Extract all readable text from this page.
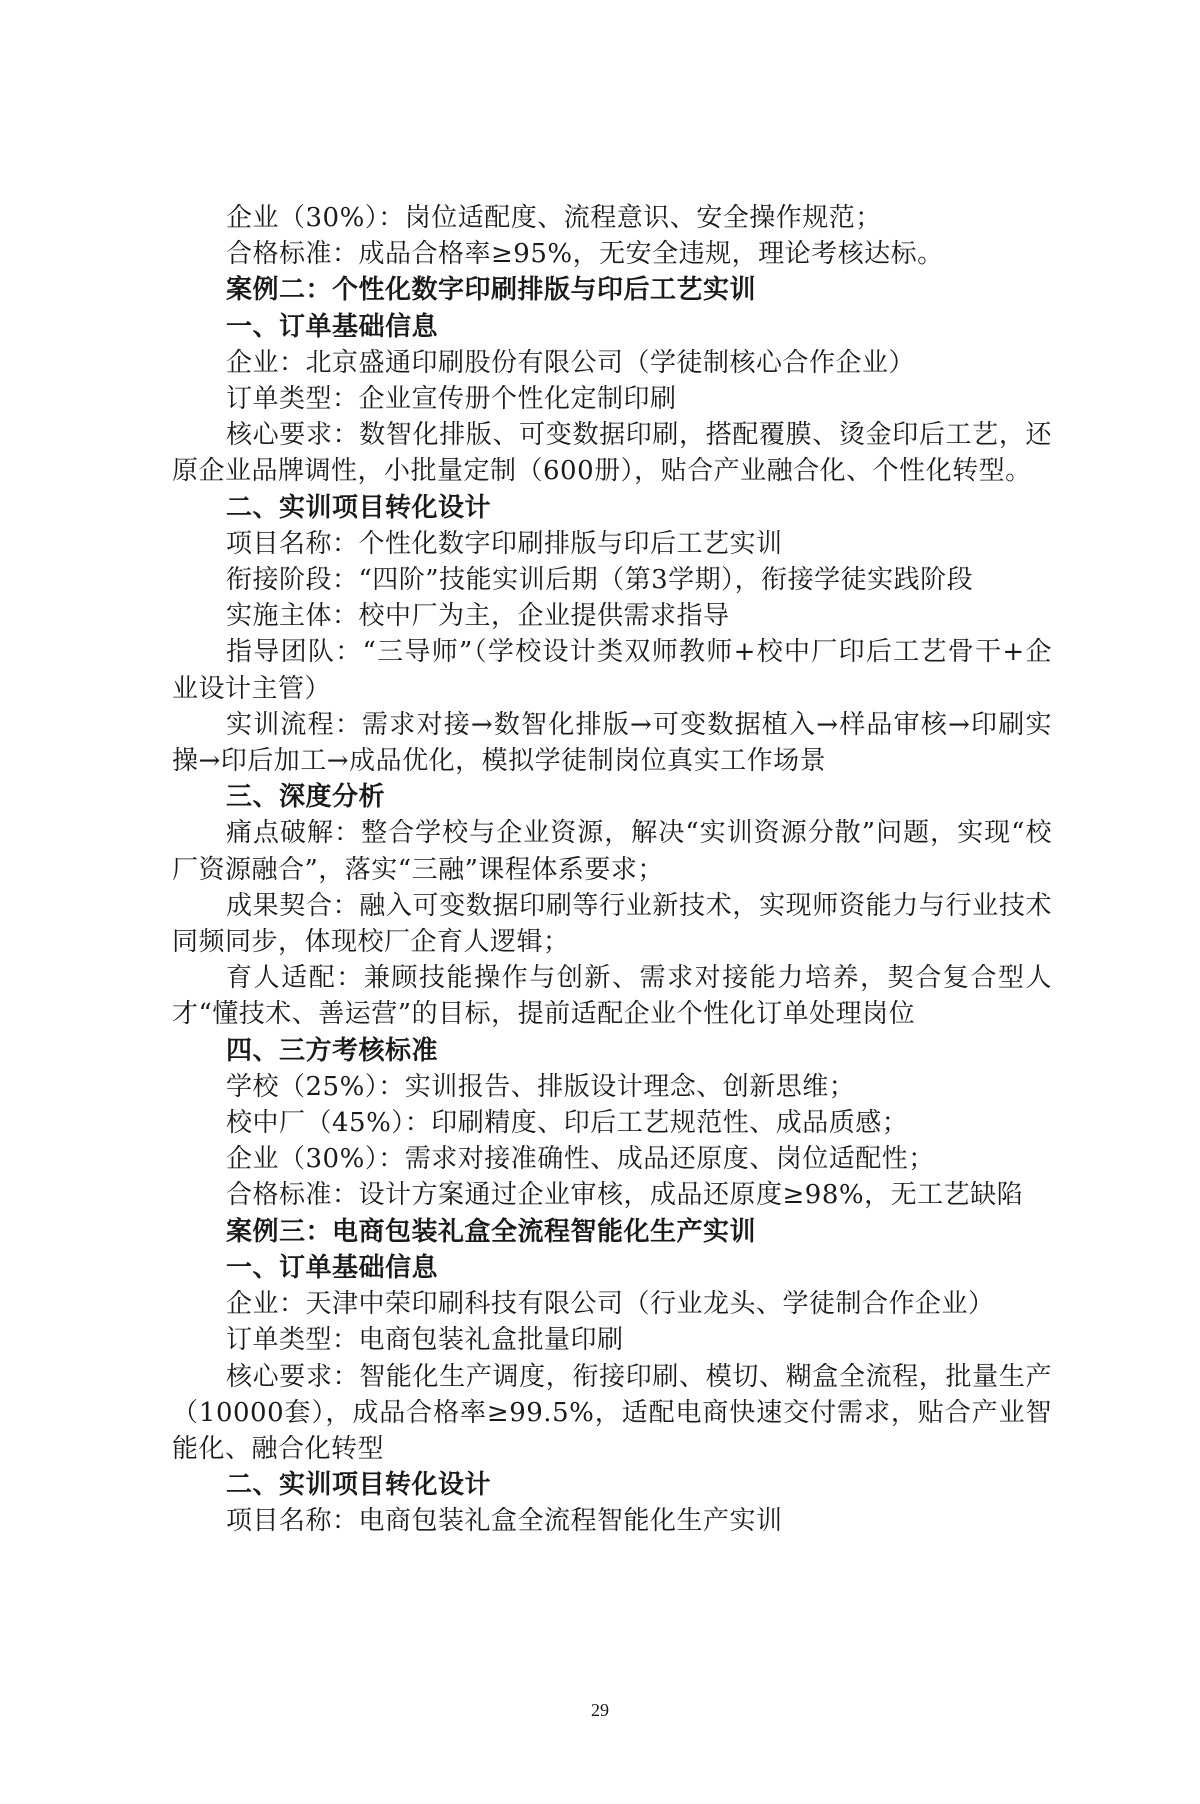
企业（30%）：岗位适配度、流程意识、安全操作规范；

合格标准：成品合格率≥95%，无安全违规，理论考核达标。

案例二：个性化数字印刷排版与印后工艺实训

一、订单基础信息

企业：北京盛通印刷股份有限公司（学徒制核心合作企业）

订单类型：企业宣传册个性化定制印刷

核心要求：数智化排版、可变数据印刷，搭配覆膜、烫金印后工艺，还原企业品牌调性，小批量定制（600册），贴合产业融合化、个性化转型。

二、实训项目转化设计

项目名称：个性化数字印刷排版与印后工艺实训

衔接阶段：“四阶”技能实训后期（第3学期），衔接学徒实践阶段

实施主体：校中厂为主，企业提供需求指导

指导团队：“三导师”（学校设计类双师教师+校中厂印后工艺骨干+企业设计主管）

实训流程：需求对接→数智化排版→可变数据植入→样品审核→印刷实操→印后加工→成品优化，模拟学徒制岗位真实工作场景

三、深度分析

痛点破解：整合学校与企业资源，解决“实训资源分散”问题，实现“校厂资源融合”，落实“三融”课程体系要求；

成果契合：融入可变数据印刷等行业新技术，实现师资能力与行业技术同频同步，体现校厂企育人逻辑；

育人适配：兼顾技能操作与创新、需求对接能力培养，契合复合型人才“懂技术、善运营”的目标，提前适配企业个性化订单处理岗位

四、三方考核标准

学校（25%）：实训报告、排版设计理念、创新思维；

校中厂（45%）：印刷精度、印后工艺规范性、成品质感；

企业（30%）：需求对接准确性、成品还原度、岗位适配性；

合格标准：设计方案通过企业审核，成品还原度≥98%，无工艺缺陷

案例三：电商包装礼盒全流程智能化生产实训

一、订单基础信息

企业：天津中荣印刷科技有限公司（行业龙头、学徒制合作企业）

订单类型：电商包装礼盒批量印刷

核心要求：智能化生产调度，衔接印刷、模切、糊盒全流程，批量生产（10000套），成品合格率≥99.5%，适配电商快速交付需求，贴合产业智能化、融合化转型

二、实训项目转化设计

项目名称：电商包装礼盒全流程智能化生产实训

29
